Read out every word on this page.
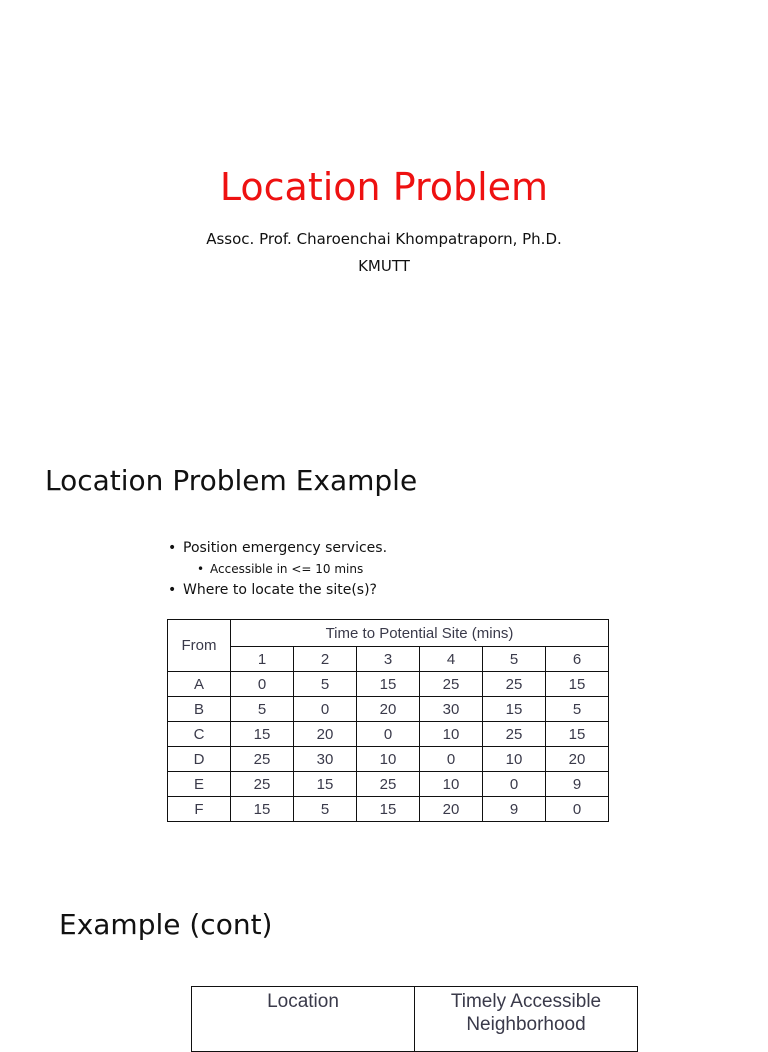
Location Problem
Assoc. Prof. Charoenchai Khompatraporn, Ph.D.
KMUTT
Location Problem Example
• Position emergency services.
• Accessible in <= 10 mins
• Where to locate the site(s)?
From	Time to Potential Site (mins)					
	1	2	3	4	5	6
A	0	5	15	25	25	15
B	5	0	20	30	15	5
C	15	20	0	10	25	15
D	25	30	10	0	10	20
E	25	15	25	10	0	9
F	15	5	15	20	9	0
Example (cont)
Location	Timely Accessible Neighborhood
